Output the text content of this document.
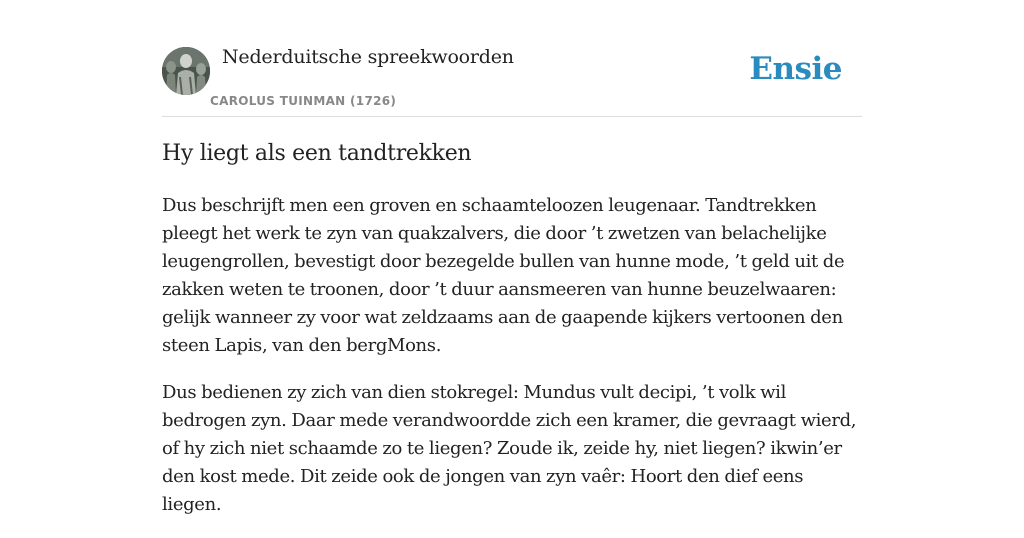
Nederduitsche spreekwoorden
CAROLUS TUINMAN (1726)
Ensie
Hy liegt als een tandtrekken

Dus beschrijft men een groven en schaamteloozen leugenaar. Tandtrekken pleegt het werk te zyn van quakzalvers, die door ’t zwetzen van belachelijke leugengrollen, bevestigt door bezegelde bullen van hunne mode, ’t geld uit de zakken weten te troonen, door ’t duur aansmeeren van hunne beuzelwaaren: gelijk wanneer zy voor wat zeldzaams aan de gaapende kijkers vertoonen den steen Lapis, van den bergMons.

Dus bedienen zy zich van dien stokregel: Mundus vult decipi, ’t volk wil bedrogen zyn. Daar mede verandwoordde zich een kramer, die gevraagt wierd, of hy zich niet schaamde zo te liegen? Zoude ik, zeide hy, niet liegen? ikwin’er den kost mede. Dit zeide ook de jongen van zyn vaêr: Hoort den dief eens liegen.
